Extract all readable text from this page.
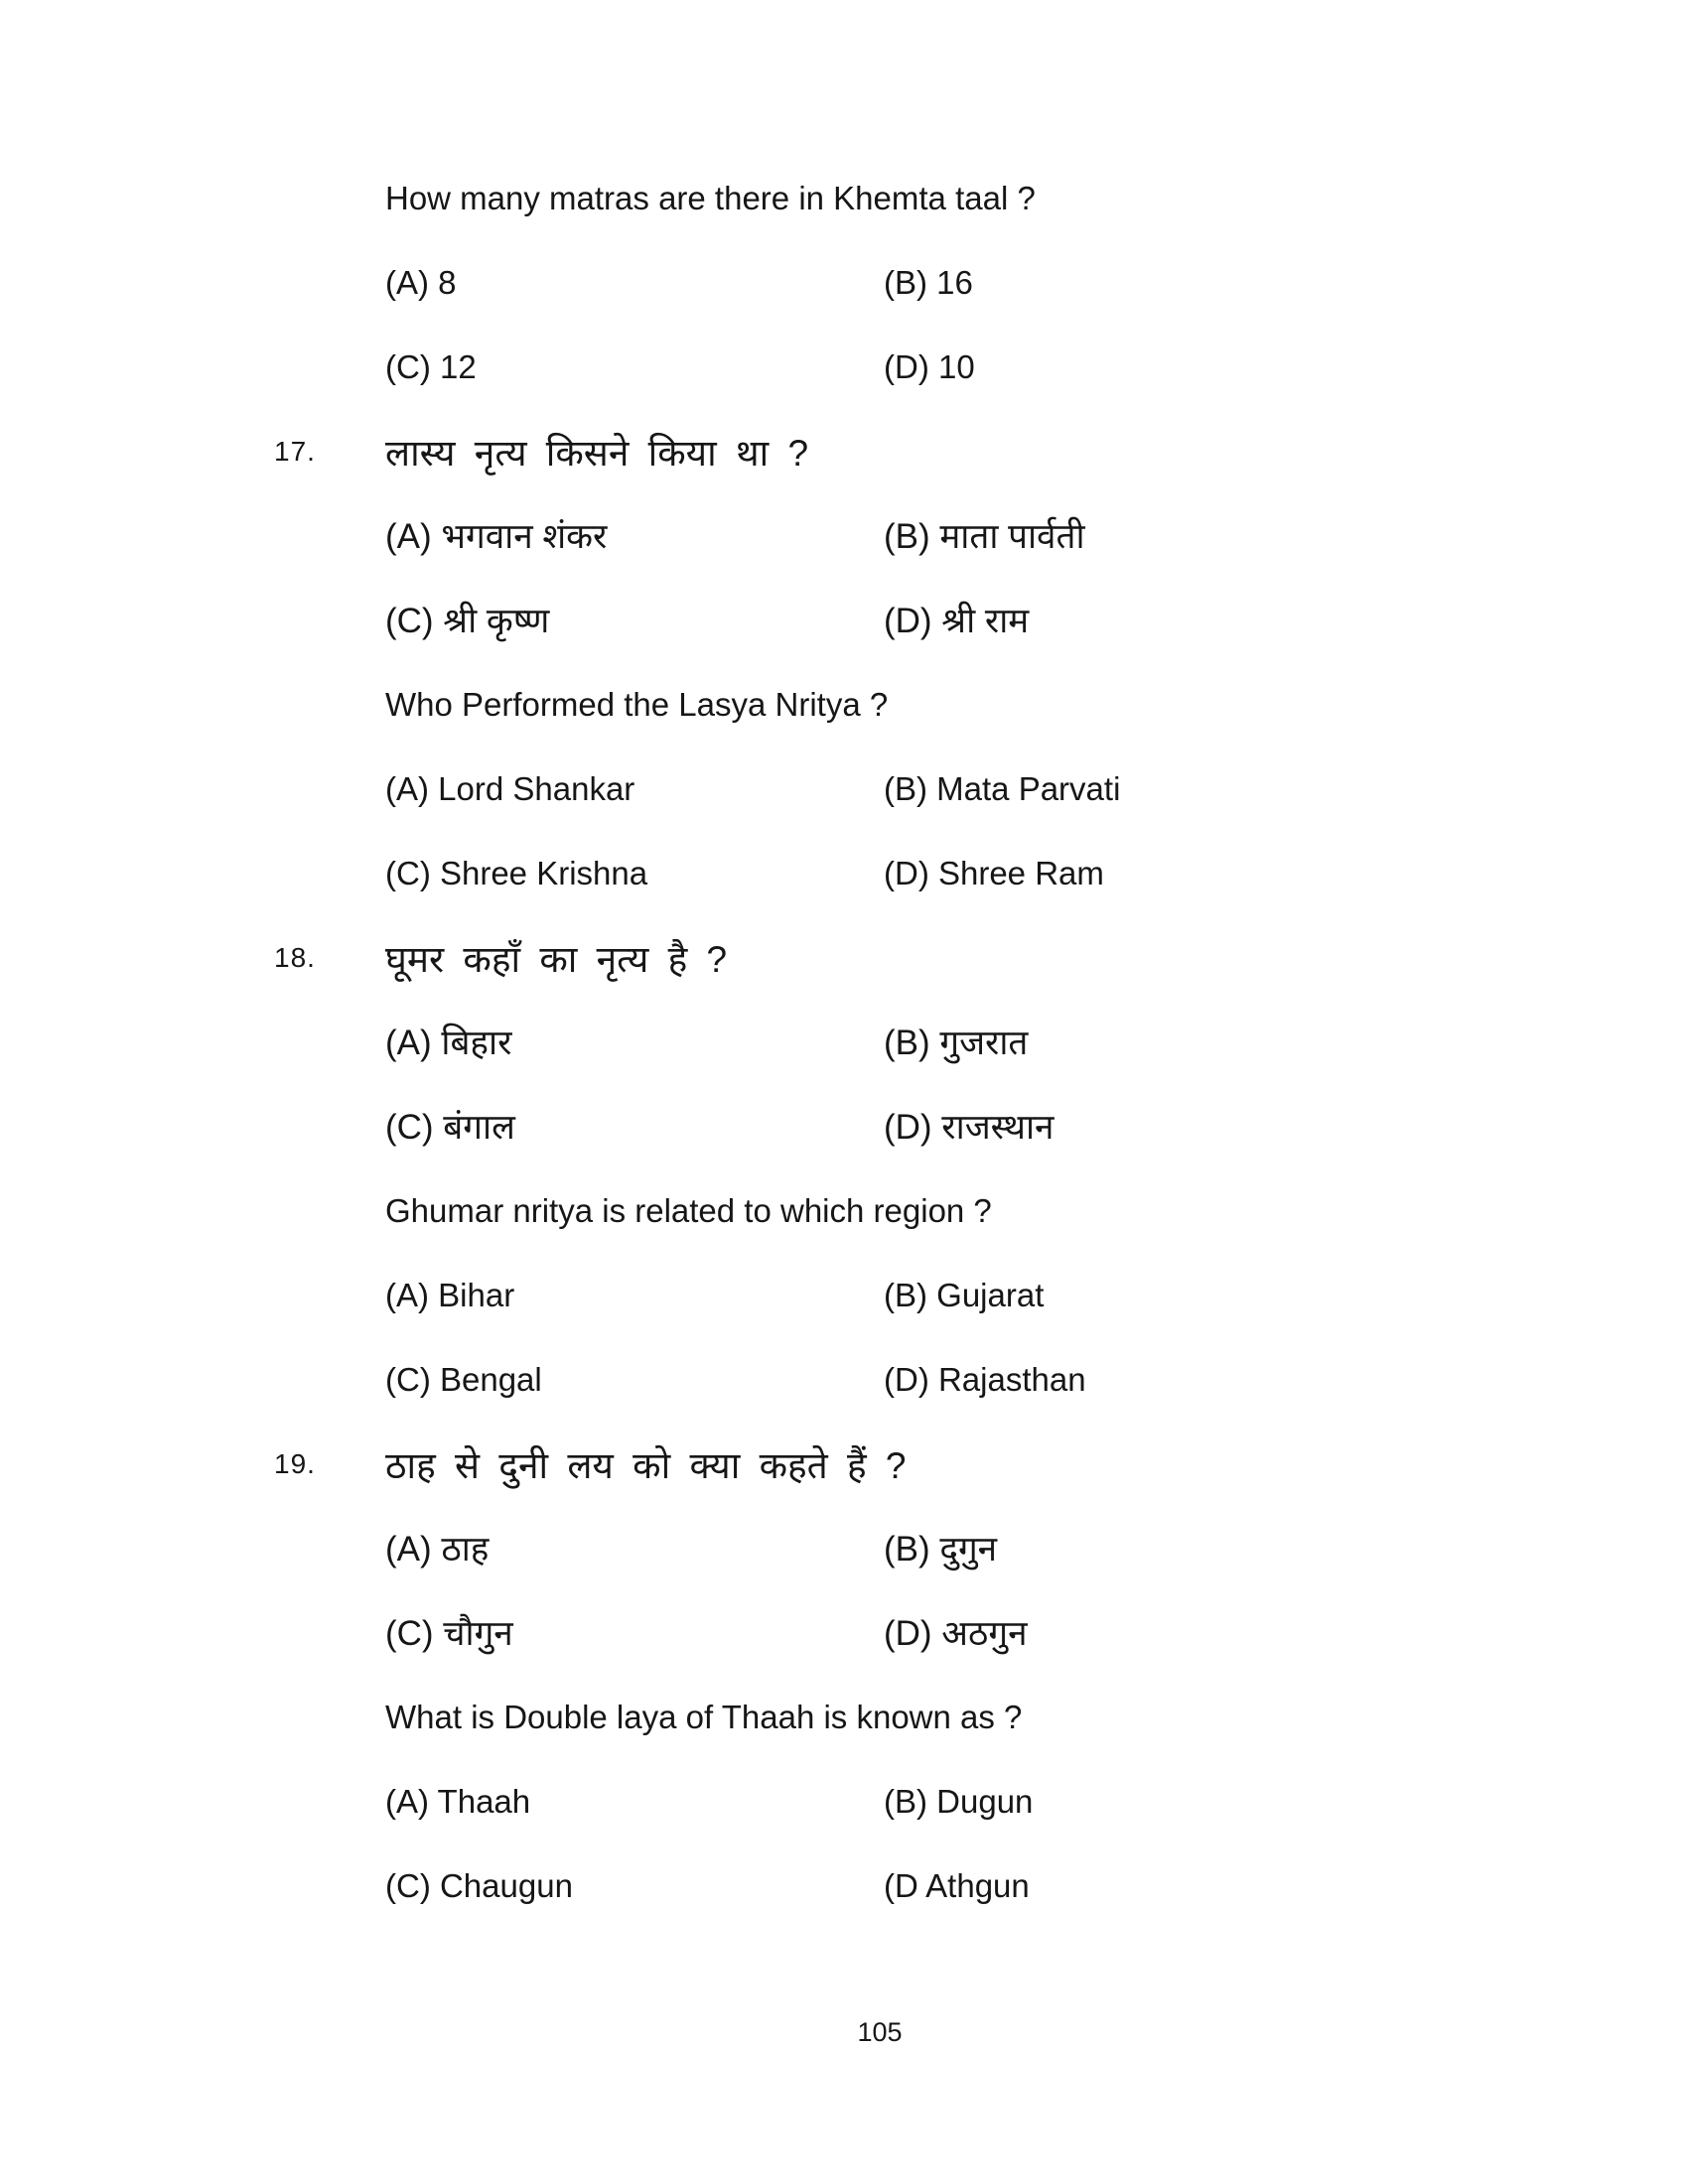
How many matras are there in Khemta taal ?
(A) 8	(B) 16
(C) 12	(D) 10
17. लास्य नृत्य किसने किया था ?
(A) भगवान शंकर	(B) माता पार्वती
(C) श्री कृष्ण	(D) श्री राम
Who Performed the Lasya Nritya ?
(A) Lord Shankar	(B) Mata Parvati
(C) Shree Krishna	(D) Shree Ram
18. घूमर कहाँ का नृत्य है ?
(A) बिहार	(B) गुजरात
(C) बंगाल	(D) राजस्थान
Ghumar nritya is related to which region ?
(A) Bihar	(B) Gujarat
(C) Bengal	(D) Rajasthan
19. ठाह से दुनी लय को क्या कहते हैं ?
(A) ठाह	(B) दुगुन
(C) चौगुन	(D) अठगुन
What is Double laya of Thaah is known as ?
(A) Thaah	(B) Dugun
(C) Chaugun	(D Athgun
105
